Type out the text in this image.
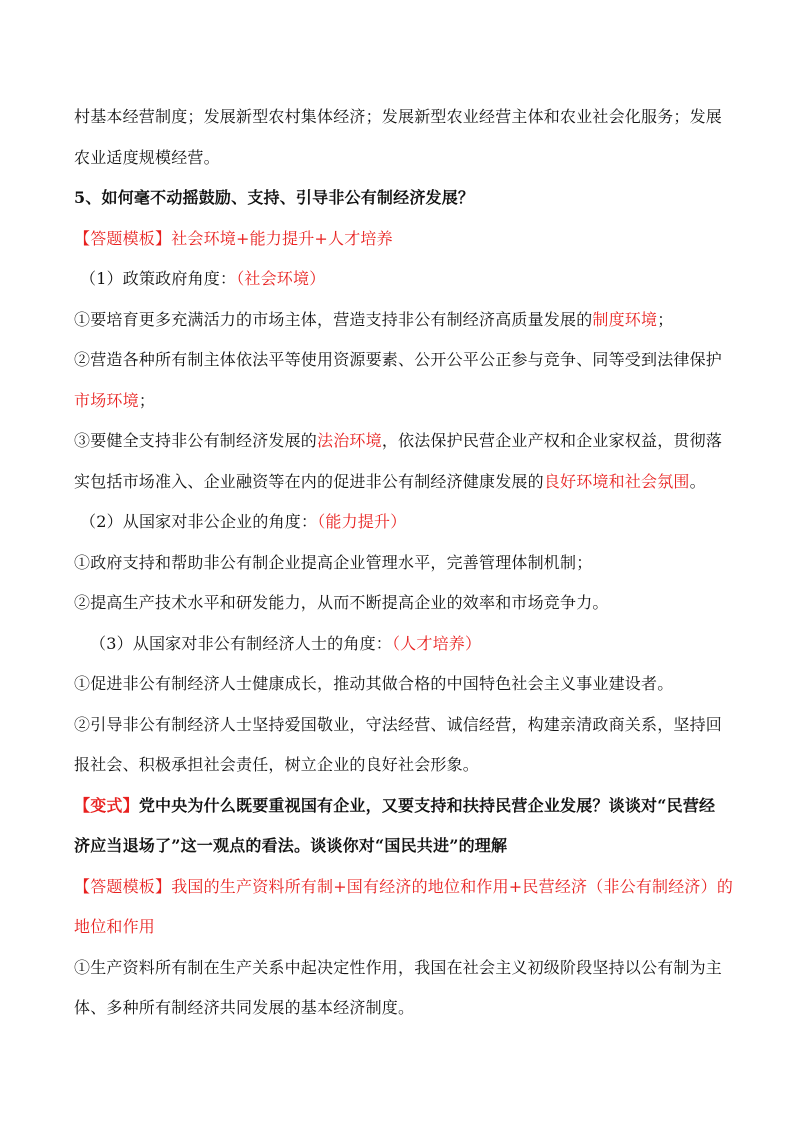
村基本经营制度；发展新型农村集体经济；发展新型农业经营主体和农业社会化服务；发展
农业适度规模经营。
5、如何毫不动摇鼓励、支持、引导非公有制经济发展？
【答题模板】社会环境+能力提升+人才培养
（1）政策政府角度：（社会环境）
①要培育更多充满活力的市场主体，营造支持非公有制经济高质量发展的制度环境；
②营造各种所有制主体依法平等使用资源要素、公开公平公正参与竞争、同等受到法律保护
市场环境；
③要健全支持非公有制经济发展的法治环境，依法保护民营企业产权和企业家权益，贯彻落
实包括市场准入、企业融资等在内的促进非公有制经济健康发展的良好环境和社会氛围。
（2）从国家对非公企业的角度：（能力提升）
①政府支持和帮助非公有制企业提高企业管理水平，完善管理体制机制；
②提高生产技术水平和研发能力，从而不断提高企业的效率和市场竞争力。
（3）从国家对非公有制经济人士的角度：（人才培养）
①促进非公有制经济人士健康成长，推动其做合格的中国特色社会主义事业建设者。
②引导非公有制经济人士坚持爱国敬业，守法经营、诚信经营，构建亲清政商关系，坚持回
报社会、积极承担社会责任，树立企业的良好社会形象。
【变式】党中央为什么既要重视国有企业，又要支持和扶持民营企业发展？谈谈对“民营经
济应当退场了”这一观点的看法。谈谈你对“国民共进”的理解
【答题模板】我国的生产资料所有制+国有经济的地位和作用+民营经济（非公有制经济）的
地位和作用
①生产资料所有制在生产关系中起决定性作用，我国在社会主义初级阶段坚持以公有制为主
体、多种所有制经济共同发展的基本经济制度。
